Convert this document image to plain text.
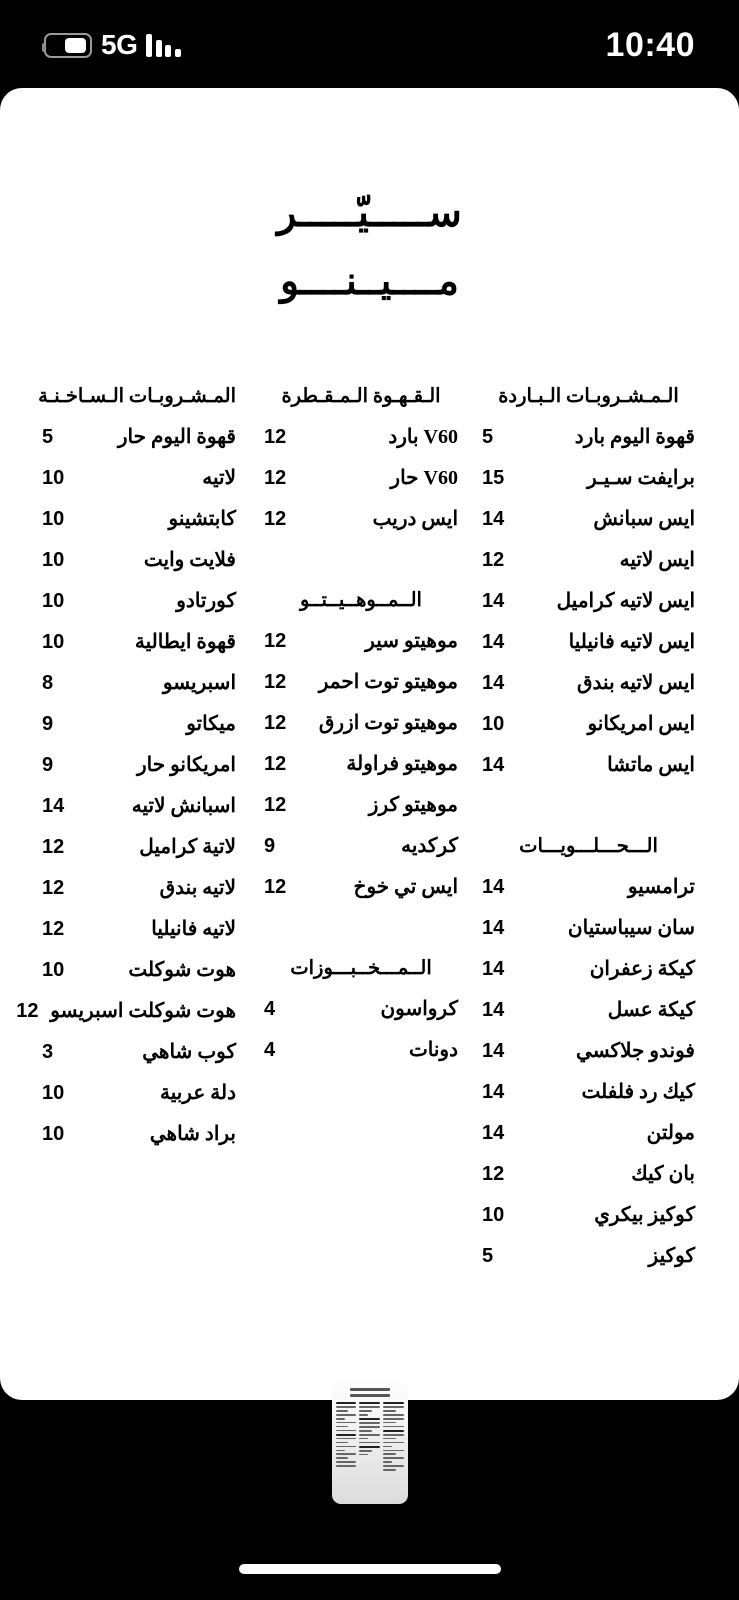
5G	10:40
ســـــيّـــــر
مــــيــنــــو
المـشـروبـات الـسـاخـنـة
قهوة اليوم حار
5
لاتيه
10
كابتشينو
10
فلايت وايت
10
كورتادو
10
قهوة ايطالية
10
اسبريسو
8
ميكاتو
9
امريكانو حار
9
اسبانش لاتيه
14
لاتية كراميل
12
لاتيه بندق
12
لاتيه فانيليا
12
هوت شوكلت
10
هوت شوكلت اسبريسو
12
كوب شاهي
3
دلة عربية
10
براد شاهي
10
الـقـهـوة الـمـقـطرة
V60 بارد
12
V60 حار
12
ايس دريب
12
الــمــوهــيــتــو
موهيتو سير
12
موهيتو توت احمر
12
موهيتو توت ازرق
12
موهيتو فراولة
12
موهيتو كرز
12
كركديه
9
ايس تي خوخ
12
الــمـــخــبـــوزات
كرواسون
4
دونات
4
الـمـشـروبـات الـبـاردة
قهوة اليوم بارد
5
برايفت سـيـر
15
ايس سبانش
14
ايس لاتيه
12
ايس لاتيه كراميل
14
ايس لاتيه فانيليا
14
ايس لاتيه بندق
14
ايس امريكانو
10
ايس ماتشا
14
الـــحـــلـــويـــات
ترامسيو
14
سان سيباستيان
14
كيكة زعفران
14
كيكة عسل
14
فوندو جلاكسي
14
كيك رد فلفلت
14
مولتن
14
بان كيك
12
كوكيز بيكري
10
كوكيز
5
